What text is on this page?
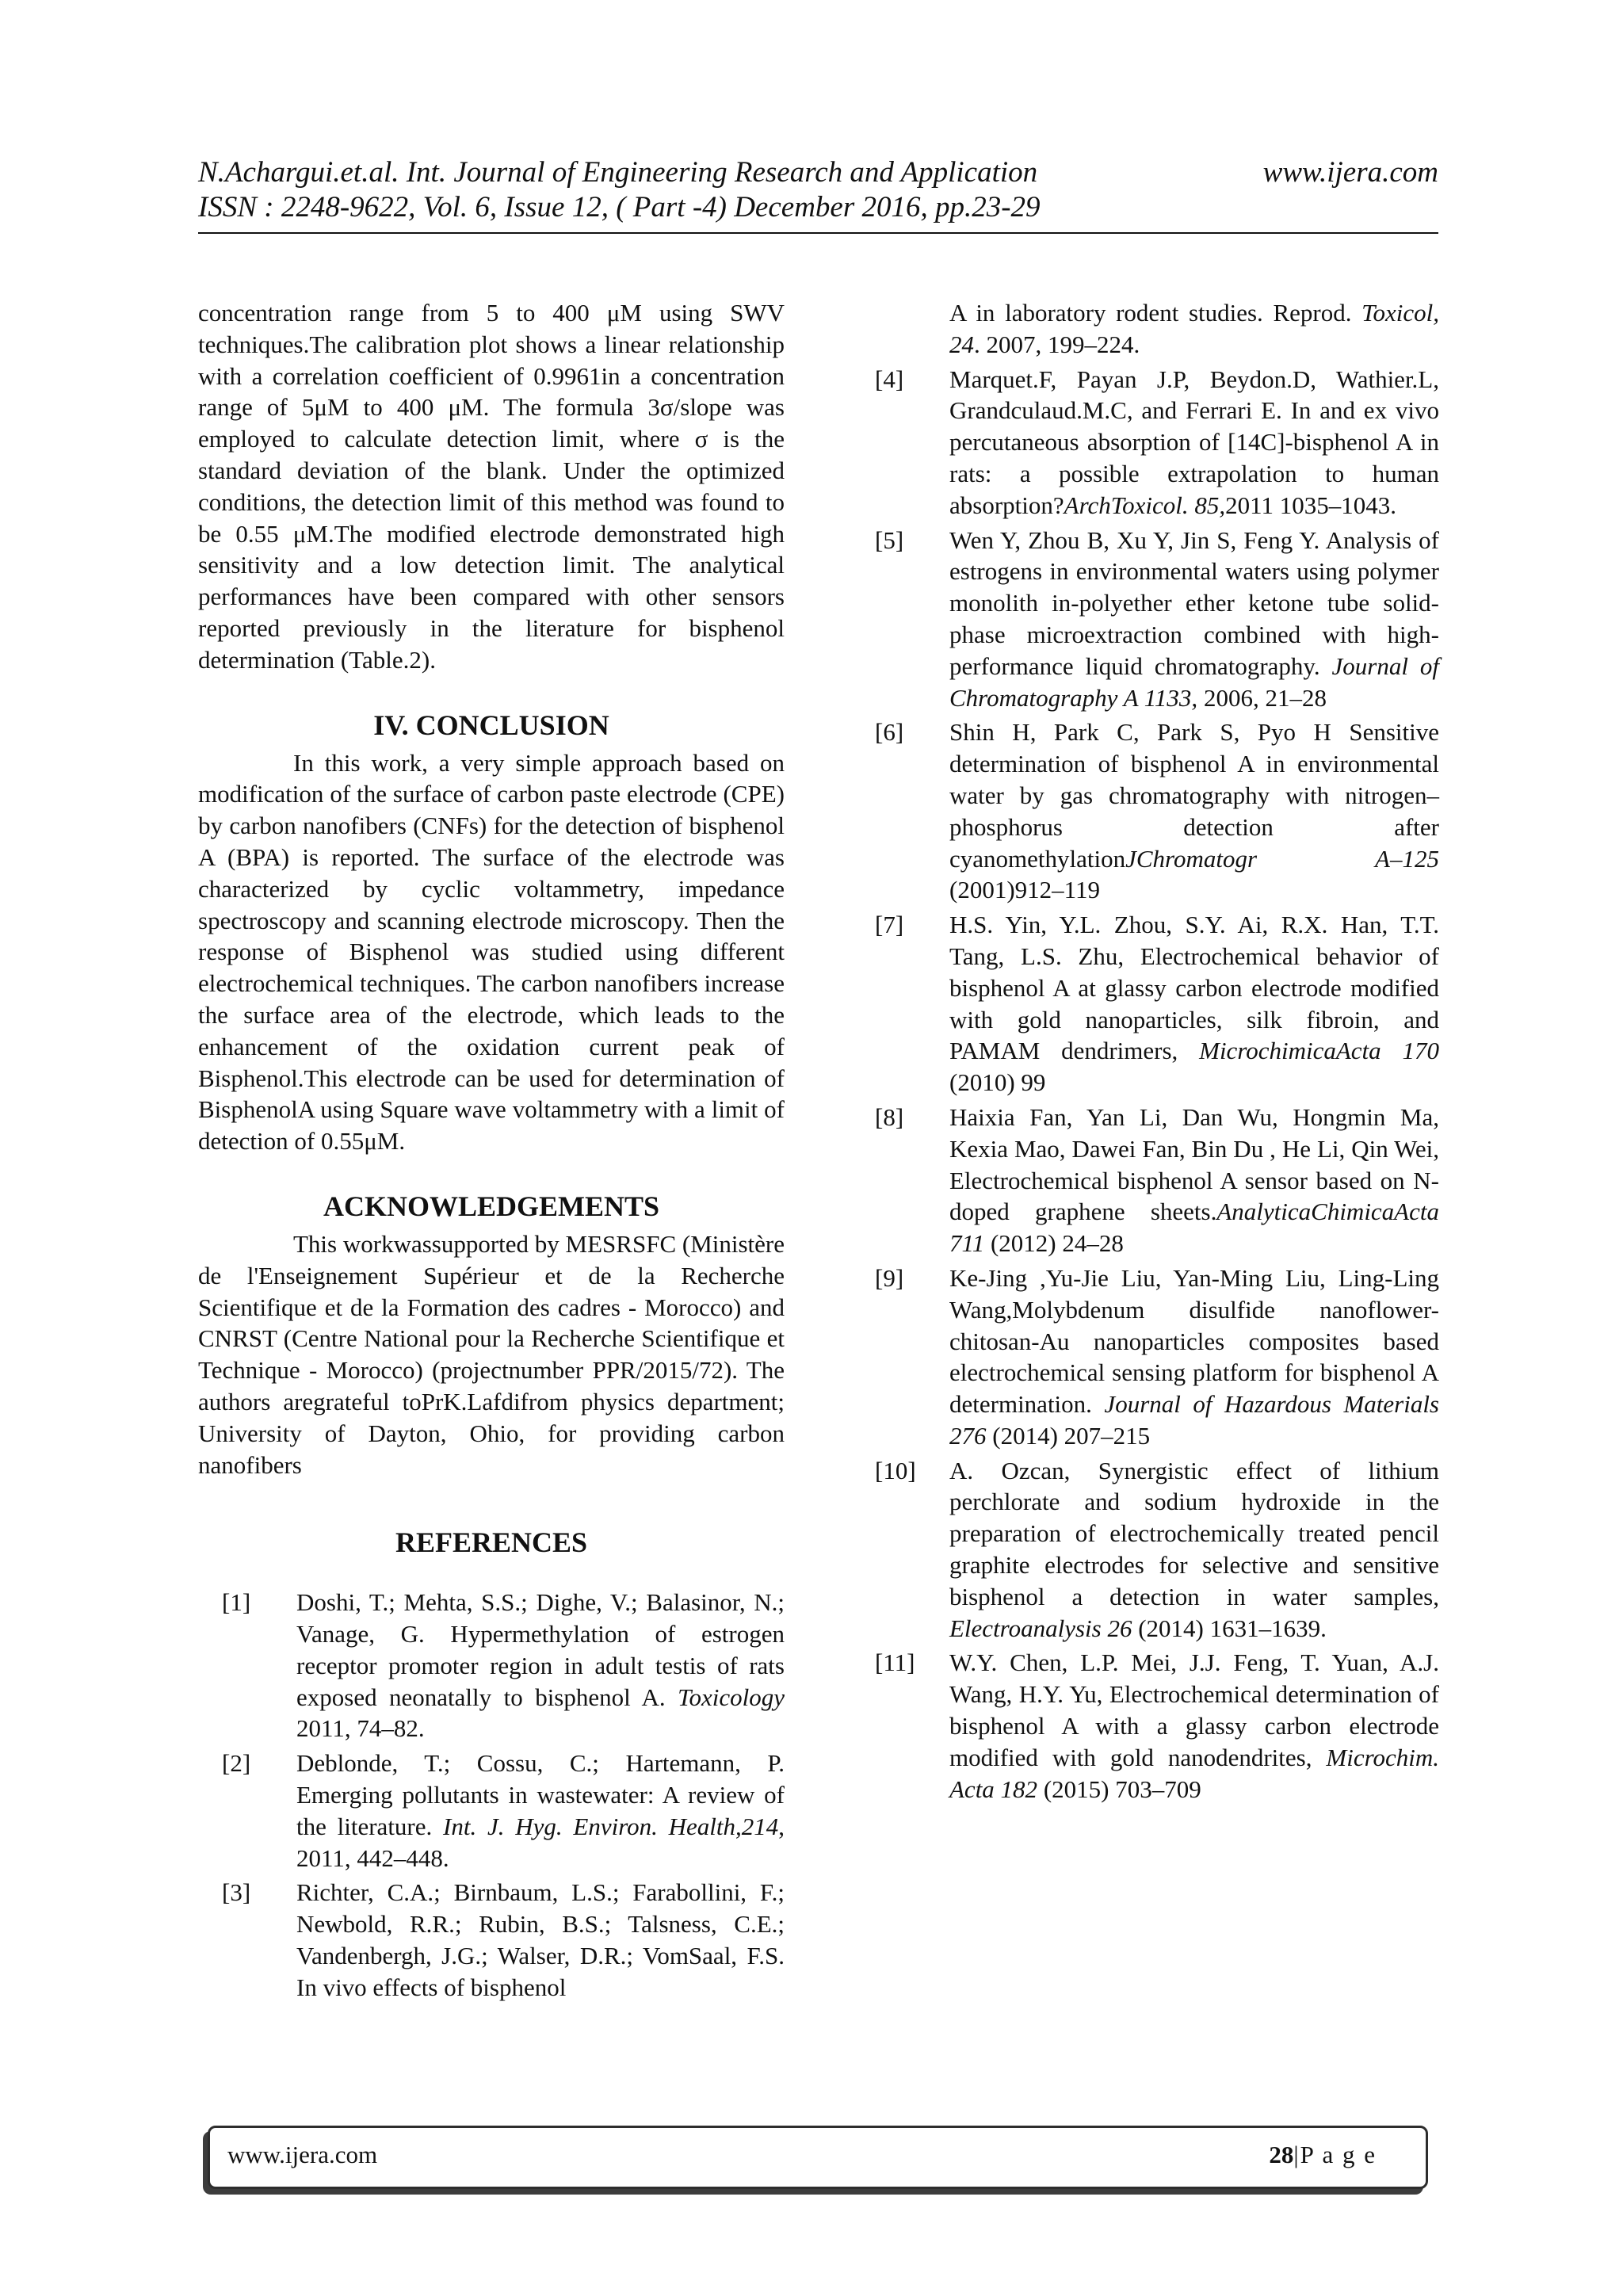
N.Achargui.et.al. Int. Journal of Engineering Research and Application	www.ijera.com
ISSN : 2248-9622, Vol. 6, Issue 12, ( Part -4) December 2016, pp.23-29

concentration range from 5 to 400 μM using SWV techniques.The calibration plot shows a linear relationship with a correlation coefficient of 0.9961in a concentration range of 5μM to 400 μM. The formula 3σ/slope was employed to calculate detection limit, where σ is the standard deviation of the blank. Under the optimized conditions, the detection limit of this method was found to be 0.55 μM.The modified electrode demonstrated high sensitivity and a low detection limit. The analytical performances have been compared with other sensors reported previously in the literature for bisphenol determination (Table.2).

IV. CONCLUSION

In this work, a very simple approach based on modification of the surface of carbon paste electrode (CPE) by carbon nanofibers (CNFs) for the detection of bisphenol A (BPA) is reported. The surface of the electrode was characterized by cyclic voltammetry, impedance spectroscopy and scanning electrode microscopy. Then the response of Bisphenol was studied using different electrochemical techniques. The carbon nanofibers increase the surface area of the electrode, which leads to the enhancement of the oxidation current peak of Bisphenol.This electrode can be used for determination of BisphenolA using Square wave voltammetry with a limit of detection of 0.55μM.

ACKNOWLEDGEMENTS

This workwassupported by MESRSFC (Ministère de l'Enseignement Supérieur et de la Recherche Scientifique et de la Formation des cadres - Morocco) and CNRST (Centre National pour la Recherche Scientifique et Technique - Morocco) (projectnumber PPR/2015/72). The authors aregrateful toPrK.Lafdifrom physics department; University of Dayton, Ohio, for providing carbon nanofibers

REFERENCES
[1]	Doshi, T.; Mehta, S.S.; Dighe, V.; Balasinor, N.; Vanage, G. Hypermethylation of estrogen receptor promoter region in adult testis of rats exposed neonatally to bisphenol A. Toxicology 2011, 74–82.
[2]	Deblonde, T.; Cossu, C.; Hartemann, P. Emerging pollutants in wastewater: A review of the literature. Int. J. Hyg. Environ. Health,214, 2011, 442–448.
[3]	Richter, C.A.; Birnbaum, L.S.; Farabollini, F.; Newbold, R.R.; Rubin, B.S.; Talsness, C.E.; Vandenbergh, J.G.; Walser, D.R.; VomSaal, F.S. In vivo effects of bisphenol
A in laboratory rodent studies. Reprod. Toxicol, 24. 2007, 199–224.
[4]	Marquet.F, Payan J.P, Beydon.D, Wathier.L, Grandculaud.M.C, and Ferrari E. In and ex vivo percutaneous absorption of [14C]-bisphenol A in rats: a possible extrapolation to human absorption?ArchToxicol. 85,2011 1035–1043.
[5]	Wen Y, Zhou B, Xu Y, Jin S, Feng Y. Analysis of estrogens in environmental waters using polymer monolith in-polyether ether ketone tube solid-phase microextraction combined with high-performance liquid chromatography. Journal of Chromatography A 1133, 2006, 21–28
[6]	Shin H, Park C, Park S, Pyo H Sensitive determination of bisphenol A in environmental water by gas chromatography with nitrogen–phosphorus detection after cyanomethylationJChromatogr A–125 (2001)912–119
[7]	H.S. Yin, Y.L. Zhou, S.Y. Ai, R.X. Han, T.T. Tang, L.S. Zhu, Electrochemical behavior of bisphenol A at glassy carbon electrode modified with gold nanoparticles, silk fibroin, and PAMAM dendrimers, MicrochimicaActa 170 (2010) 99
[8]	Haixia Fan, Yan Li, Dan Wu, Hongmin Ma, Kexia Mao, Dawei Fan, Bin Du , He Li, Qin Wei, Electrochemical bisphenol A sensor based on N-doped graphene sheets.AnalyticaChimicaActa 711 (2012) 24–28
[9]	Ke-Jing ,Yu-Jie Liu, Yan-Ming Liu, Ling-Ling Wang,Molybdenum disulfide nanoflower-chitosan-Au nanoparticles composites based electrochemical sensing platform for bisphenol A determination. Journal of Hazardous Materials 276 (2014) 207–215
[10]	A. Ozcan, Synergistic effect of lithium perchlorate and sodium hydroxide in the preparation of electrochemically treated pencil graphite electrodes for selective and sensitive bisphenol a detection in water samples, Electroanalysis 26 (2014) 1631–1639.
[11]	W.Y. Chen, L.P. Mei, J.J. Feng, T. Yuan, A.J. Wang, H.Y. Yu, Electrochemical determination of bisphenol A with a glassy carbon electrode modified with gold nanodendrites, Microchim. Acta 182 (2015) 703–709
www.ijera.com	28|P a g e
